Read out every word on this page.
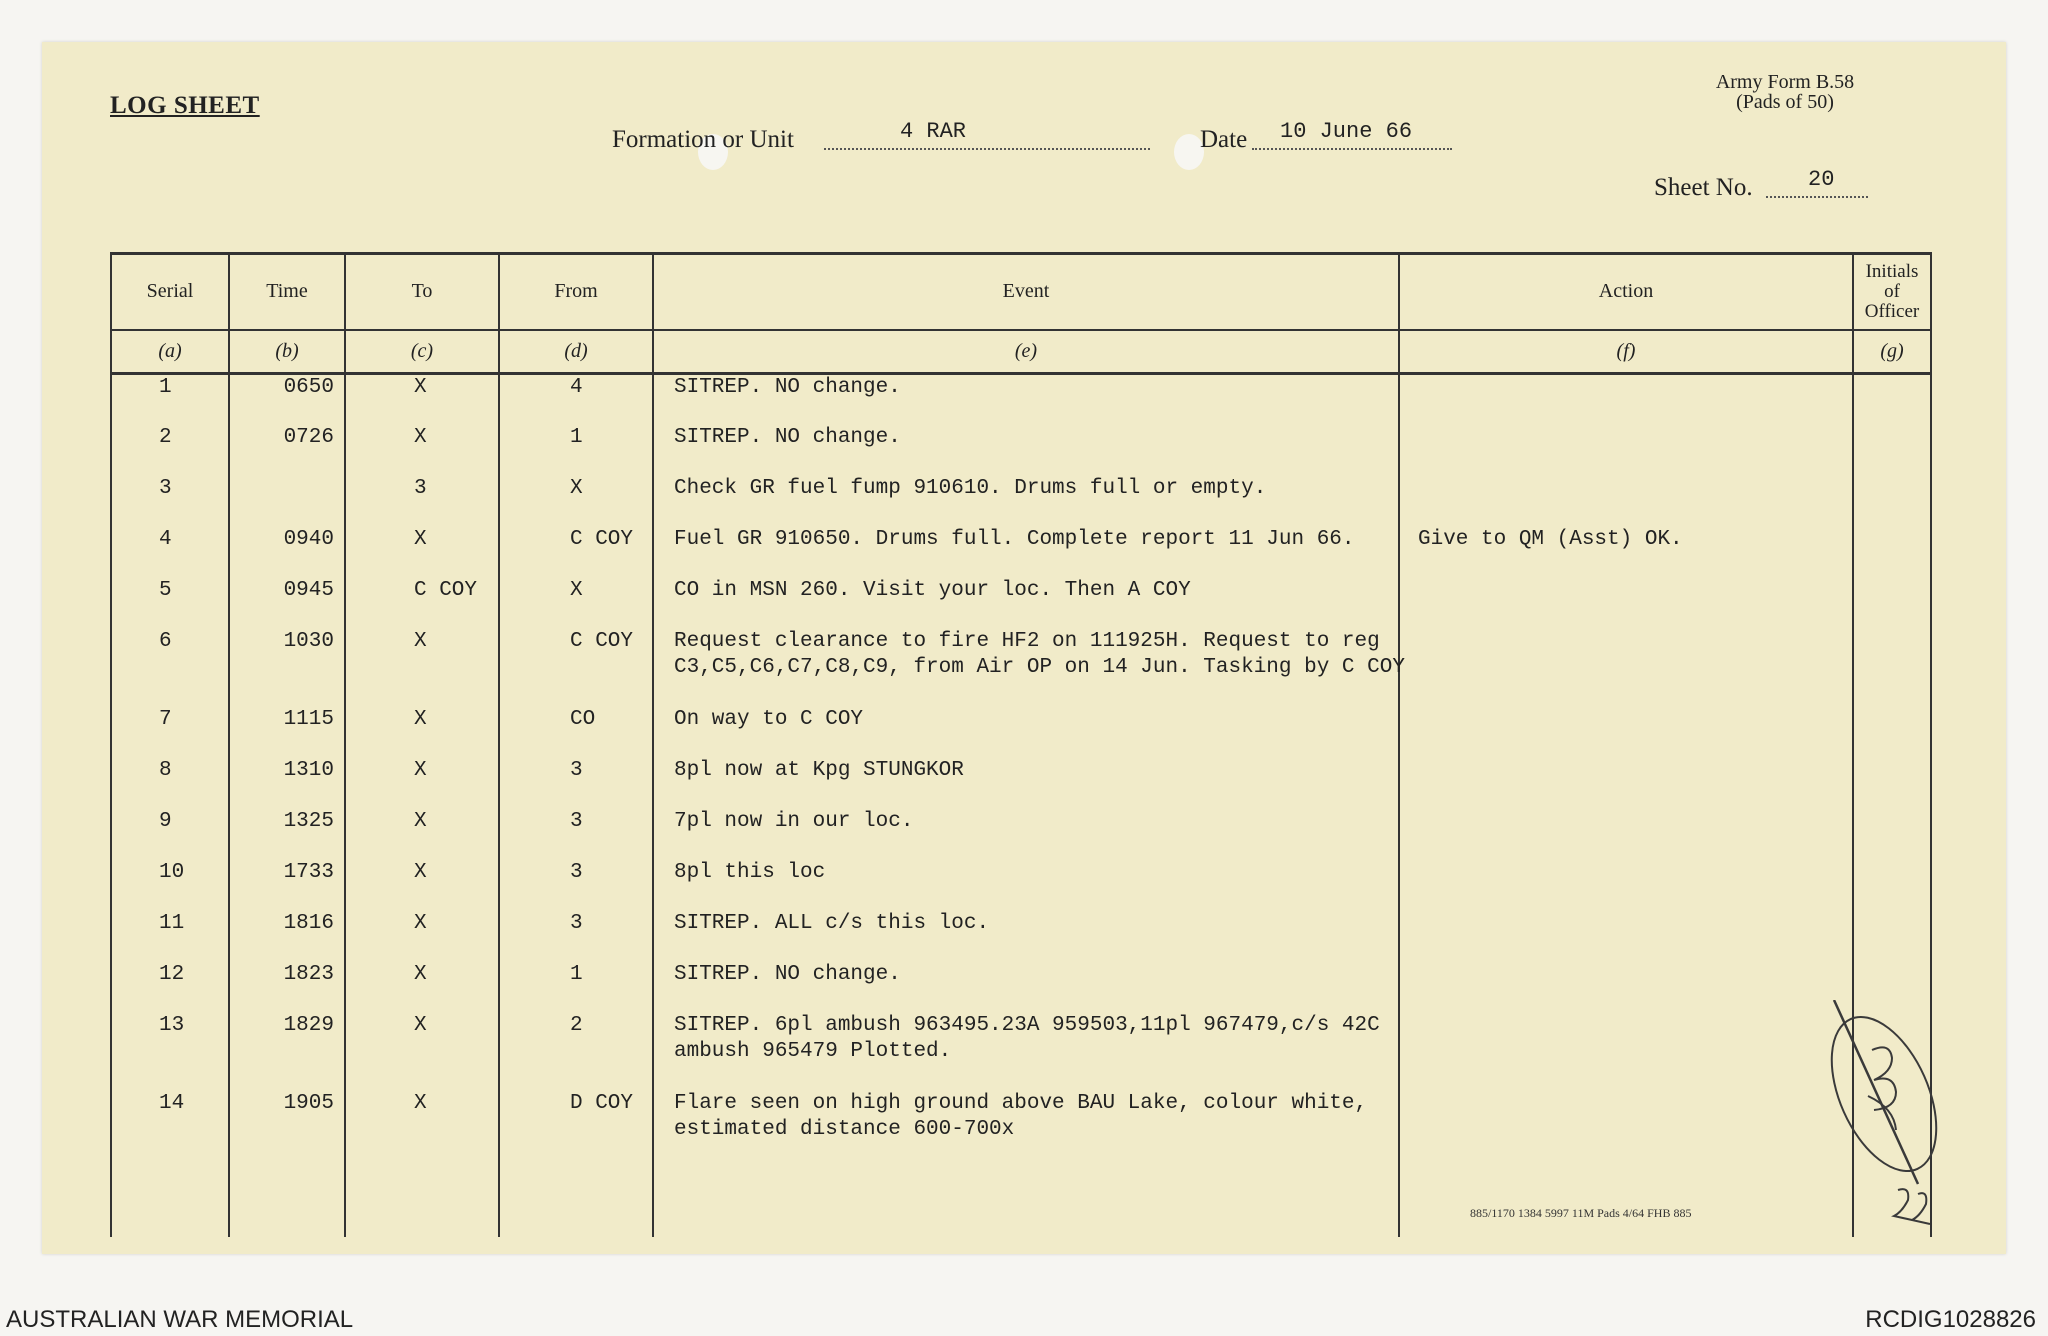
LOG SHEET
Army Form B.58
(Pads of 50)
Formation or Unit	4 RAR	Date 10 June 66
Sheet No.	20
Serial	Time	To	From	Event	Action	Initials
of
Officer

(a)	(b)	(c)	(d)	(e)	(f)	(g)
1	0650	X	4	SITREP. NO change.		

2	0726	X	1	SITREP. NO change.		

3		3	X	Check GR fuel fump 910610. Drums full or empty.		

4	0940	X	C COY	Fuel GR 910650. Drums full. Complete report 11 Jun 66.	Give to QM (Asst) OK.	
5	0945	C COY	X	CO in MSN 260. Visit your loc. Then A COY		

6	1030	X	C COY	Request clearance to fire HF2 on 111925H. Request to reg
C3,C5,C6,C7,C8,C9, from Air OP on 14 Jun. Tasking by C COY		

7	1115	X	CO	On way to C COY		

8	1310	X	3	8pl now at Kpg STUNGKOR		

9	1325	X	3	7pl now in our loc.		

10	1733	X	3	8pl this loc		

11	1816	X	3	SITREP. ALL c/s this loc.		

12	1823	X	1	SITREP. NO change.		

13	1829	X	2	SITREP. 6pl ambush 963495.23A 959503,11pl 967479,c/s 42C
ambush 965479 Plotted.		

14	1905	X	D COY	Flare seen on high ground above BAU Lake, colour white,
estimated distance 600-700x		

885/1170 1384 5997 11M Pads 4/64 FHB 885
AUSTRALIAN WAR MEMORIAL	RCDIG1028826
